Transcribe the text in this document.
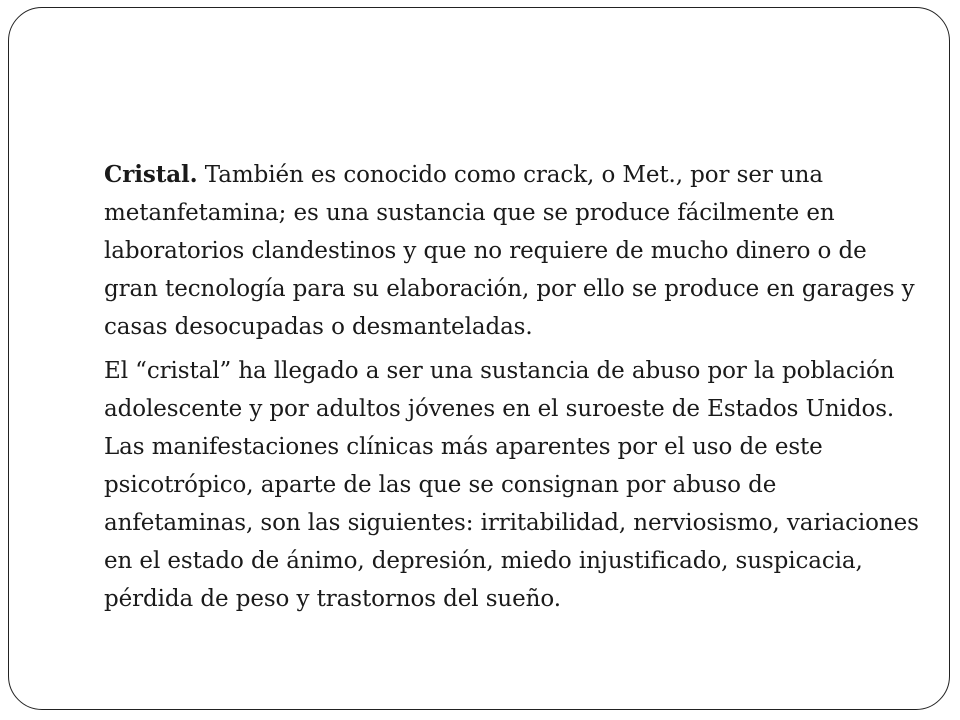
Cristal. También es conocido como crack, o Met., por ser una
metanfetamina; es una sustancia que se produce fácilmente en
laboratorios clandestinos y que no requiere de mucho dinero o de
gran tecnología para su elaboración, por ello se produce en garages y
casas desocupadas o desmanteladas.

El “cristal” ha llegado a ser una sustancia de abuso por la población
adolescente y por adultos jóvenes en el suroeste de Estados Unidos.
Las manifestaciones clínicas más aparentes por el uso de este
psicotrópico, aparte de las que se consignan por abuso de
anfetaminas, son las siguientes: irritabilidad, nerviosismo, variaciones
en el estado de ánimo, depresión, miedo injustificado, suspicacia,
pérdida de peso y trastornos del sueño.
